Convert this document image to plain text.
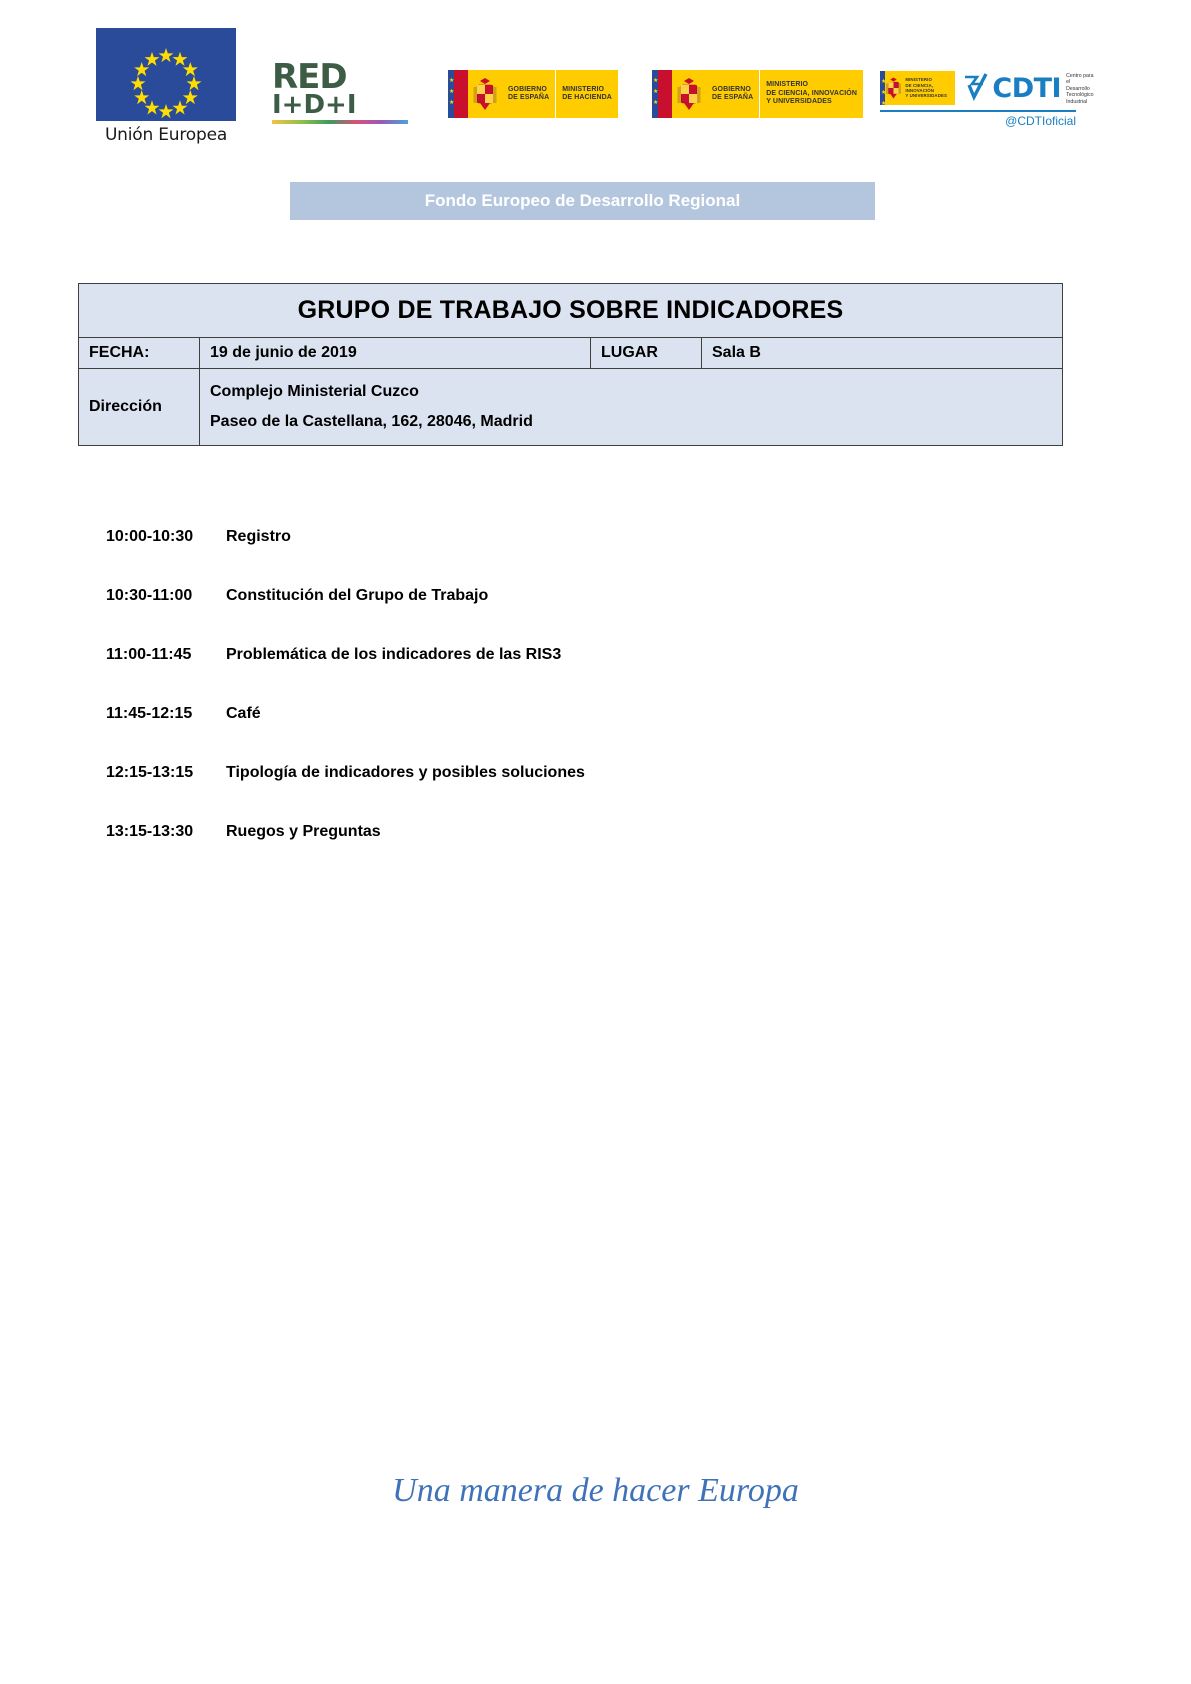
Unión Europea
RED
I+D+I
★ ★ ★
GOBIERNO
DE ESPAÑA
MINISTERIO
DE HACIENDA
★ ★ ★
GOBIERNO
DE ESPAÑA
MINISTERIO
DE CIENCIA, INNOVACIÓN
Y UNIVERSIDADES
★ ★ ★
MINISTERIO
DE CIENCIA, INNOVACIÓN
Y UNIVERSIDADES CDTI Centro para el
Desarrollo
Tecnológico
Industrial
@CDTIoficial
Fondo Europeo de Desarrollo Regional
GRUPO DE TRABAJO SOBRE INDICADORES			
FECHA:	19 de junio de 2019	LUGAR	Sala B
Dirección	Complejo Ministerial Cuzco
Paseo de la Castellana, 162, 28046, Madrid		
10:00-10:30	Registro
10:30-11:00	Constitución del Grupo de Trabajo
11:00-11:45	Problemática de los indicadores de las RIS3
11:45-12:15	Café
12:15-13:15	Tipología de indicadores y posibles soluciones
13:15-13:30	Ruegos y Preguntas
Una manera de hacer Europa
